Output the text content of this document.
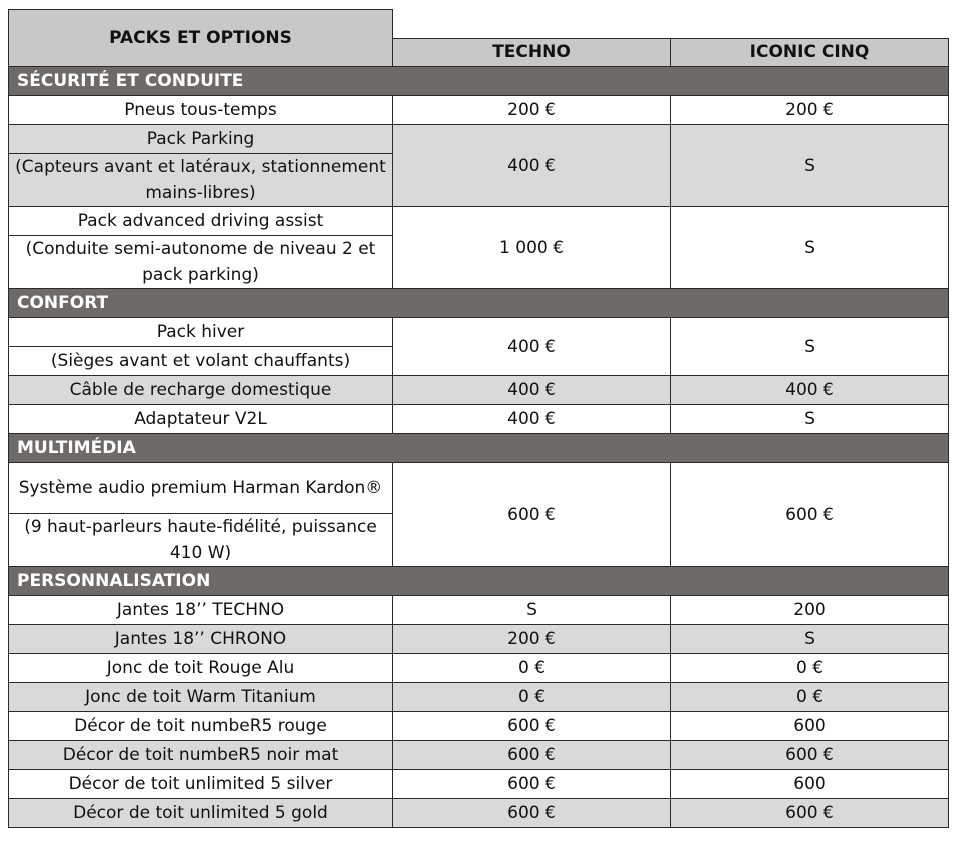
PACKS ET OPTIONS		
	TECHNO	ICONIC CINQ
SÉCURITÉ ET CONDUITE		
Pneus tous-temps	200 €	200 €
Pack Parking	400 €	S
(Capteurs avant et latéraux, stationnement mains-libres)		
Pack advanced driving assist	1 000 €	S
(Conduite semi-autonome de niveau 2 et pack parking)		
CONFORT		
Pack hiver	400 €	S
(Sièges avant et volant chauffants)		
Câble de recharge domestique	400 €	400 €
Adaptateur V2L	400 €	S
MULTIMÉDIA		
Système audio premium Harman Kardon®	600 €	600 €
(9 haut-parleurs haute-fidélité, puissance 410 W)		
PERSONNALISATION		
Jantes 18’’ TECHNO	S	200
Jantes 18’’ CHRONO	200 €	S
Jonc de toit Rouge Alu	0 €	0 €
Jonc de toit Warm Titanium	0 €	0 €
Décor de toit numbeR5 rouge	600 €	600
Décor de toit numbeR5 noir mat	600 €	600 €
Décor de toit unlimited 5 silver	600 €	600
Décor de toit unlimited 5 gold	600 €	600 €
